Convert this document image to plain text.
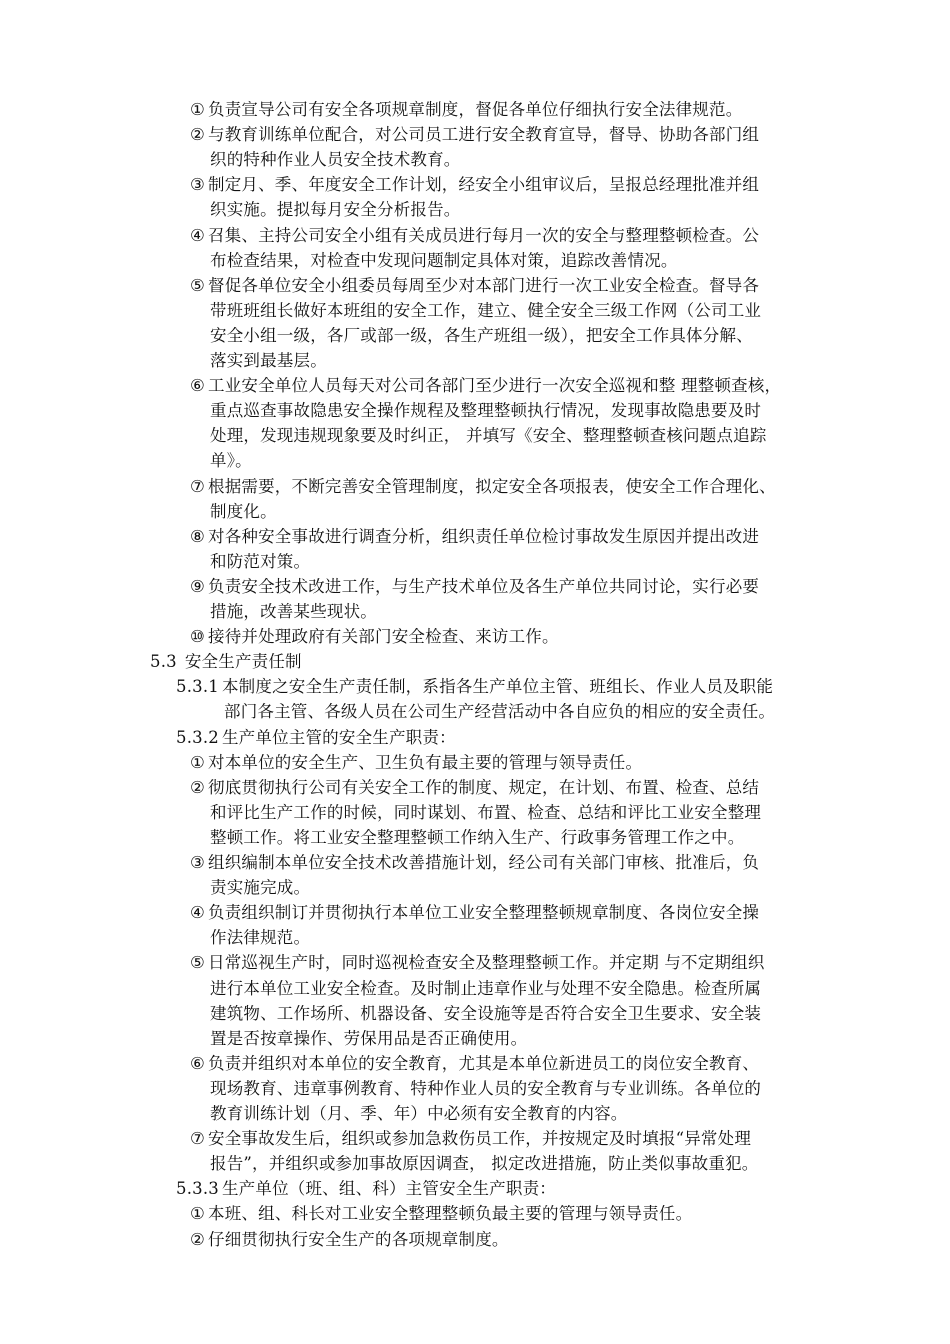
① 负责宣导公司有安全各项规章制度，督促各单位仔细执行安全法律规范。
② 与教育训练单位配合，对公司员工进行安全教育宣导，督导、协助各部门组
织的特种作业人员安全技术教育。
③ 制定月、季、年度安全工作计划，经安全小组审议后，呈报总经理批准并组
织实施。提拟每月安全分析报告。
④ 召集、主持公司安全小组有关成员进行每月一次的安全与整理整顿检查。公
布检查结果，对检查中发现问题制定具体对策，追踪改善情况。
⑤ 督促各单位安全小组委员每周至少对本部门进行一次工业安全检查。督导各
带班班组长做好本班组的安全工作，建立、健全安全三级工作网（公司工业
安全小组一级，各厂或部一级，各生产班组一级），把安全工作具体分解、
落实到最基层。
⑥ 工业安全单位人员每天对公司各部门至少进行一次安全巡视和整 理整顿查核，
重点巡查事故隐患安全操作规程及整理整顿执行情况，发现事故隐患要及时
处理，发现违规现象要及时纠正， 并填写《安全、整理整顿查核问题点追踪
单》。
⑦ 根据需要，不断完善安全管理制度，拟定安全各项报表，使安全工作合理化、
制度化。
⑧ 对各种安全事故进行调查分析，组织责任单位检讨事故发生原因并提出改进
和防范对策。
⑨ 负责安全技术改进工作，与生产技术单位及各生产单位共同讨论，实行必要
措施，改善某些现状。
⑩ 接待并处理政府有关部门安全检查、来访工作。
5.3 安全生产责任制
5.3.1 本制度之安全生产责任制，系指各生产单位主管、班组长、作业人员及职能
部门各主管、各级人员在公司生产经营活动中各自应负的相应的安全责任。
5.3.2 生产单位主管的安全生产职责：
① 对本单位的安全生产、卫生负有最主要的管理与领导责任。
② 彻底贯彻执行公司有关安全工作的制度、规定，在计划、布置、检查、总结
和评比生产工作的时候，同时谋划、布置、检查、总结和评比工业安全整理
整顿工作。将工业安全整理整顿工作纳入生产、行政事务管理工作之中。
③ 组织编制本单位安全技术改善措施计划，经公司有关部门审核、批准后，负
责实施完成。
④ 负责组织制订并贯彻执行本单位工业安全整理整顿规章制度、各岗位安全操
作法律规范。
⑤ 日常巡视生产时，同时巡视检查安全及整理整顿工作。并定期 与不定期组织
进行本单位工业安全检查。及时制止违章作业与处理不安全隐患。检查所属
建筑物、工作场所、机器设备、安全设施等是否符合安全卫生要求、安全装
置是否按章操作、劳保用品是否正确使用。
⑥ 负责并组织对本单位的安全教育，尤其是本单位新进员工的岗位安全教育、
现场教育、违章事例教育、特种作业人员的安全教育与专业训练。各单位的
教育训练计划（月、季、年）中必须有安全教育的内容。
⑦ 安全事故发生后，组织或参加急救伤员工作，并按规定及时填报“异常处理
报告”，并组织或参加事故原因调查， 拟定改进措施，防止类似事故重犯。
5.3.3 生产单位（班、组、科）主管安全生产职责：
① 本班、组、科长对工业安全整理整顿负最主要的管理与领导责任。
② 仔细贯彻执行安全生产的各项规章制度。
